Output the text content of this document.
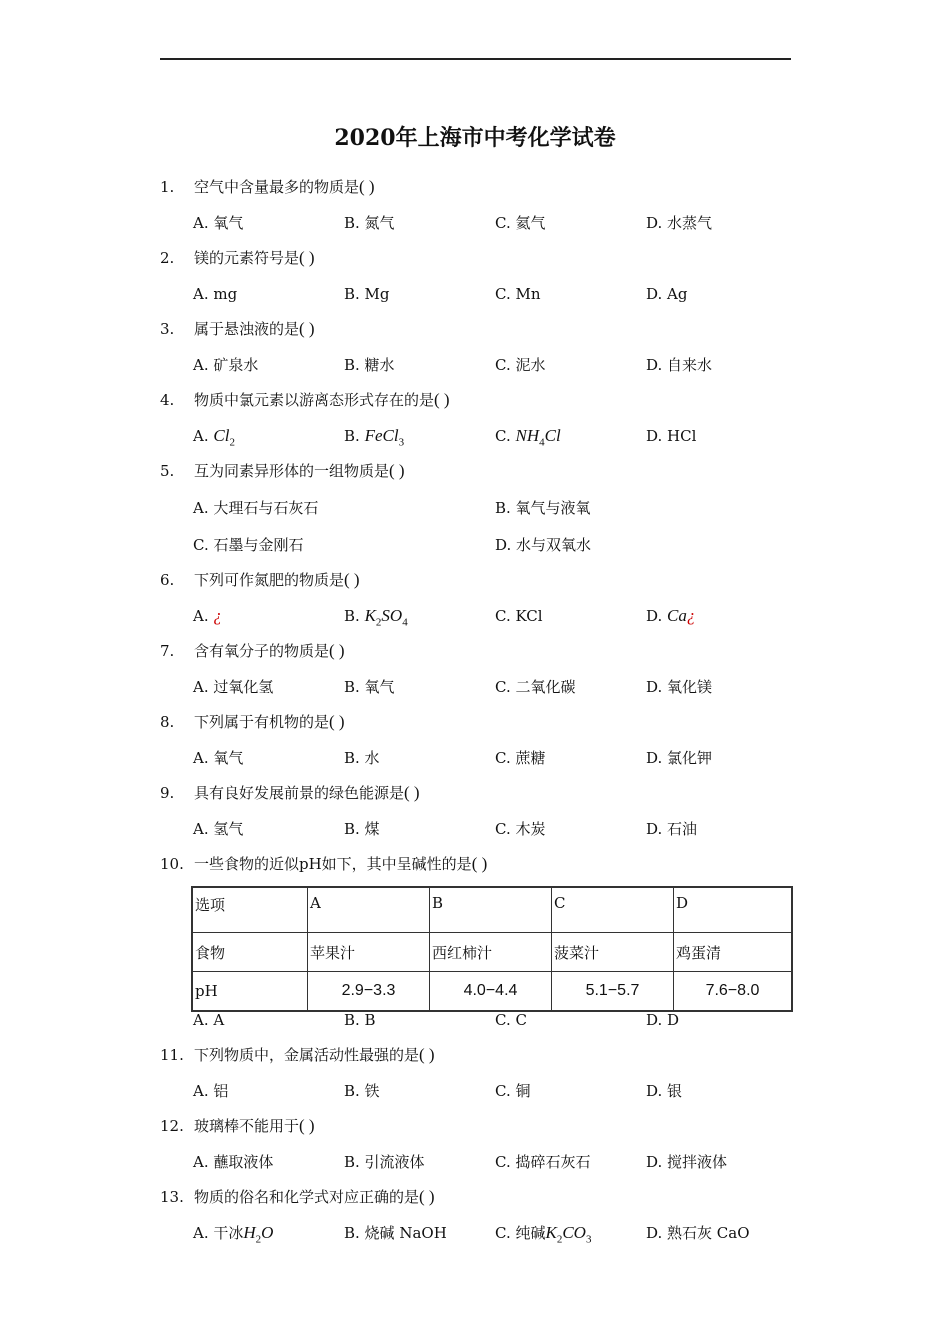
2020年上海市中考化学试卷
1. 空气中含量最多的物质是( )
A. 氧气	B. 氮气	C. 氦气	D. 水蒸气
2. 镁的元素符号是( )
A. mg	B. Mg	C. Mn	D. Ag
3. 属于悬浊液的是( )
A. 矿泉水	B. 糖水	C. 泥水	D. 自来水
4. 物质中氯元素以游离态形式存在的是( )
A. $Cl_2$	B. FeCl$_3$	C. $NH_4Cl$	D. HCl
5. 互为同素异形体的一组物质是( )
A. 大理石与石灰石	B. 氧气与液氧
C. 石墨与金刚石	D. 水与双氧水
6. 下列可作氮肥的物质是( )
A. ¿	B. $K_2SO_4$	C. KCl	D. Ca¿
7. 含有氧分子的物质是( )
A. 过氧化氢	B. 氧气	C. 二氧化碳	D. 氧化镁
8. 下列属于有机物的是( )
A. 氧气	B. 水	C. 蔗糖	D. 氯化钾
9. 具有良好发展前景的绿色能源是( )
A. 氢气	B. 煤	C. 木炭	D. 石油
10. 一些食物的近似pH如下，其中呈碱性的是( )
选项	A	B	C	D
食物	苹果汁	西红柿汁	菠菜汁	鸡蛋清
pH	2.9−3.3	4.0−4.4	5.1−5.7	7.6−8.0
A. A	B. B	C. C	D. D
11. 下列物质中，金属活动性最强的是( )
A. 铝	B. 铁	C. 铜	D. 银
12. 玻璃棒不能用于( )
A. 蘸取液体	B. 引流液体	C. 捣碎石灰石	D. 搅拌液体
13. 物质的俗名和化学式对应正确的是( )
A. 干冰$H_2O$	B. 烧碱 NaOH	C. 纯碱$K_2CO_3$	D. 熟石灰 CaO
